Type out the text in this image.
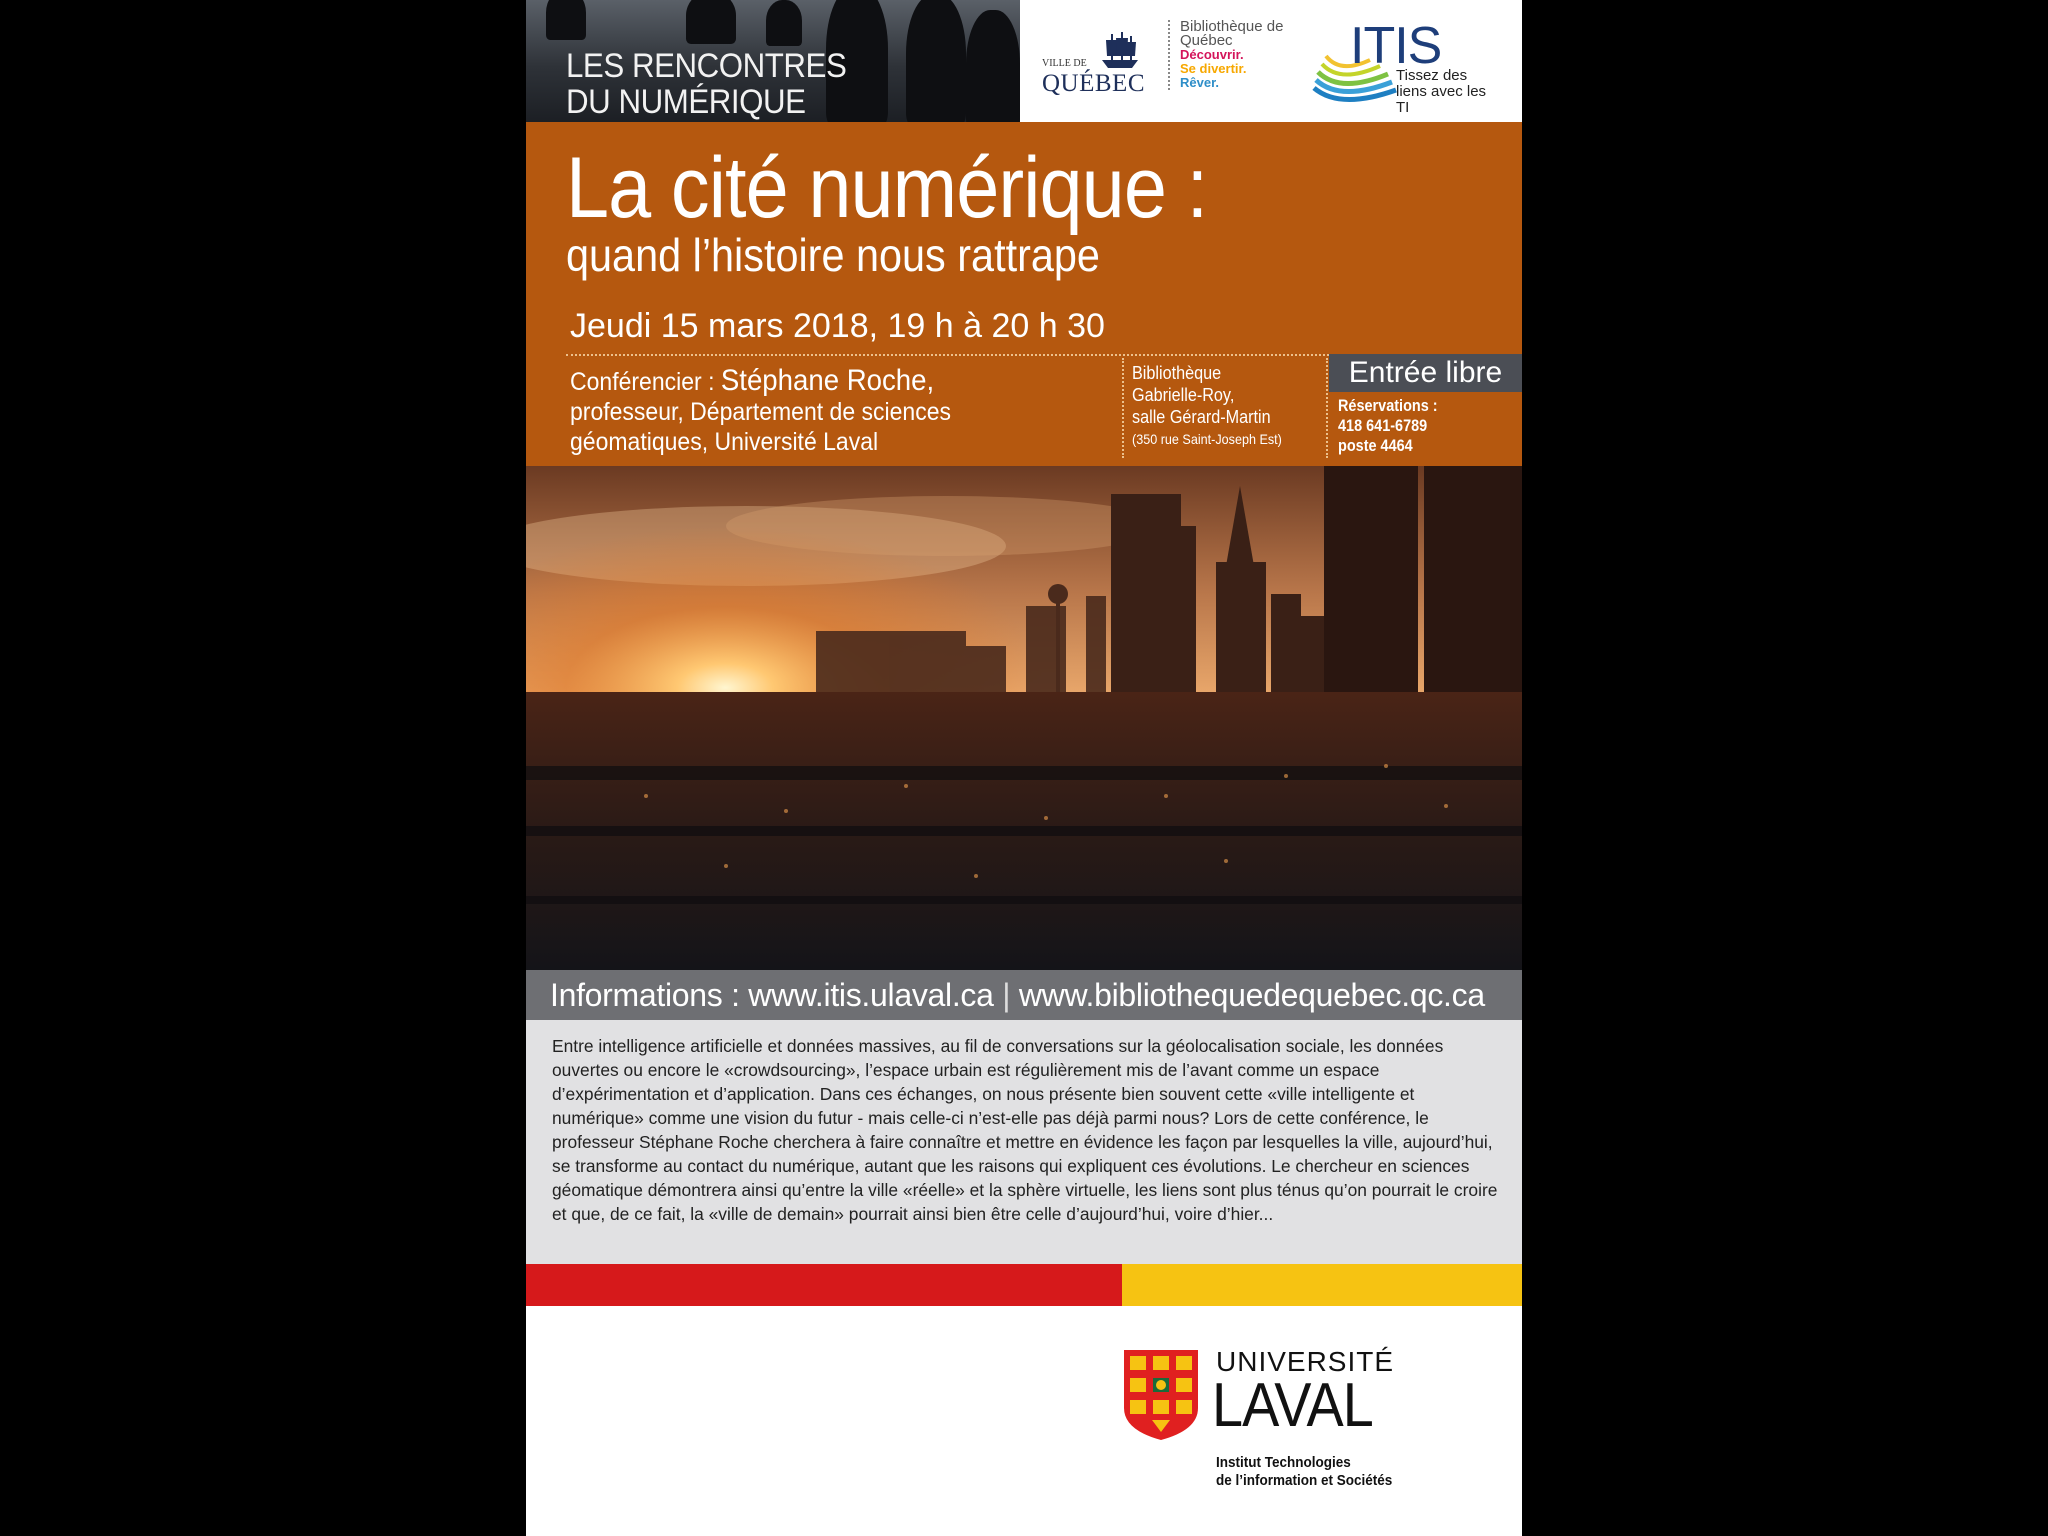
LES RENCONTRES
DU NUMÉRIQUE
VILLE DE
QUÉBEC
Bibliothèque de Québec
Découvrir.
Se divertir.
Rêver.
ITIS
Tissez des liens avec les TI
La cité numérique :
quand l’histoire nous rattrape
Jeudi 15 mars 2018, 19 h à 20 h 30
Conférencier : Stéphane Roche,
professeur, Département de sciences
géomatiques, Université Laval
Bibliothèque
Gabrielle-Roy,
salle Gérard-Martin
(350 rue Saint-Joseph Est)
Entrée libre
Réservations :
418 641-6789
poste 4464
Informations : www.itis.ulaval.ca | www.bibliothequedequebec.qc.ca
Entre intelligence artificielle et données massives, au fil de conversations sur la géolocalisation sociale, les données ouvertes ou encore le «crowdsourcing», l’espace urbain est régulièrement mis de l’avant comme un espace d’expérimentation et d’application. Dans ces échanges, on nous présente bien souvent cette «ville intelligente et numérique» comme une vision du futur - mais celle-ci n’est-elle pas déjà parmi nous? Lors de cette conférence, le professeur Stéphane Roche cherchera à faire connaître et mettre en évidence les façon par lesquelles la ville, aujourd’hui, se transforme au contact du numérique, autant que les raisons qui expliquent ces évolutions. Le chercheur en sciences géomatique démontrera ainsi qu’entre la ville «réelle» et la sphère virtuelle, les liens sont plus ténus qu’on pourrait le croire et que, de ce fait, la «ville de demain» pourrait ainsi bien être celle d’aujourd’hui, voire d’hier...
UNIVERSITÉ
LAVAL
Institut Technologies
de l’information et Sociétés
